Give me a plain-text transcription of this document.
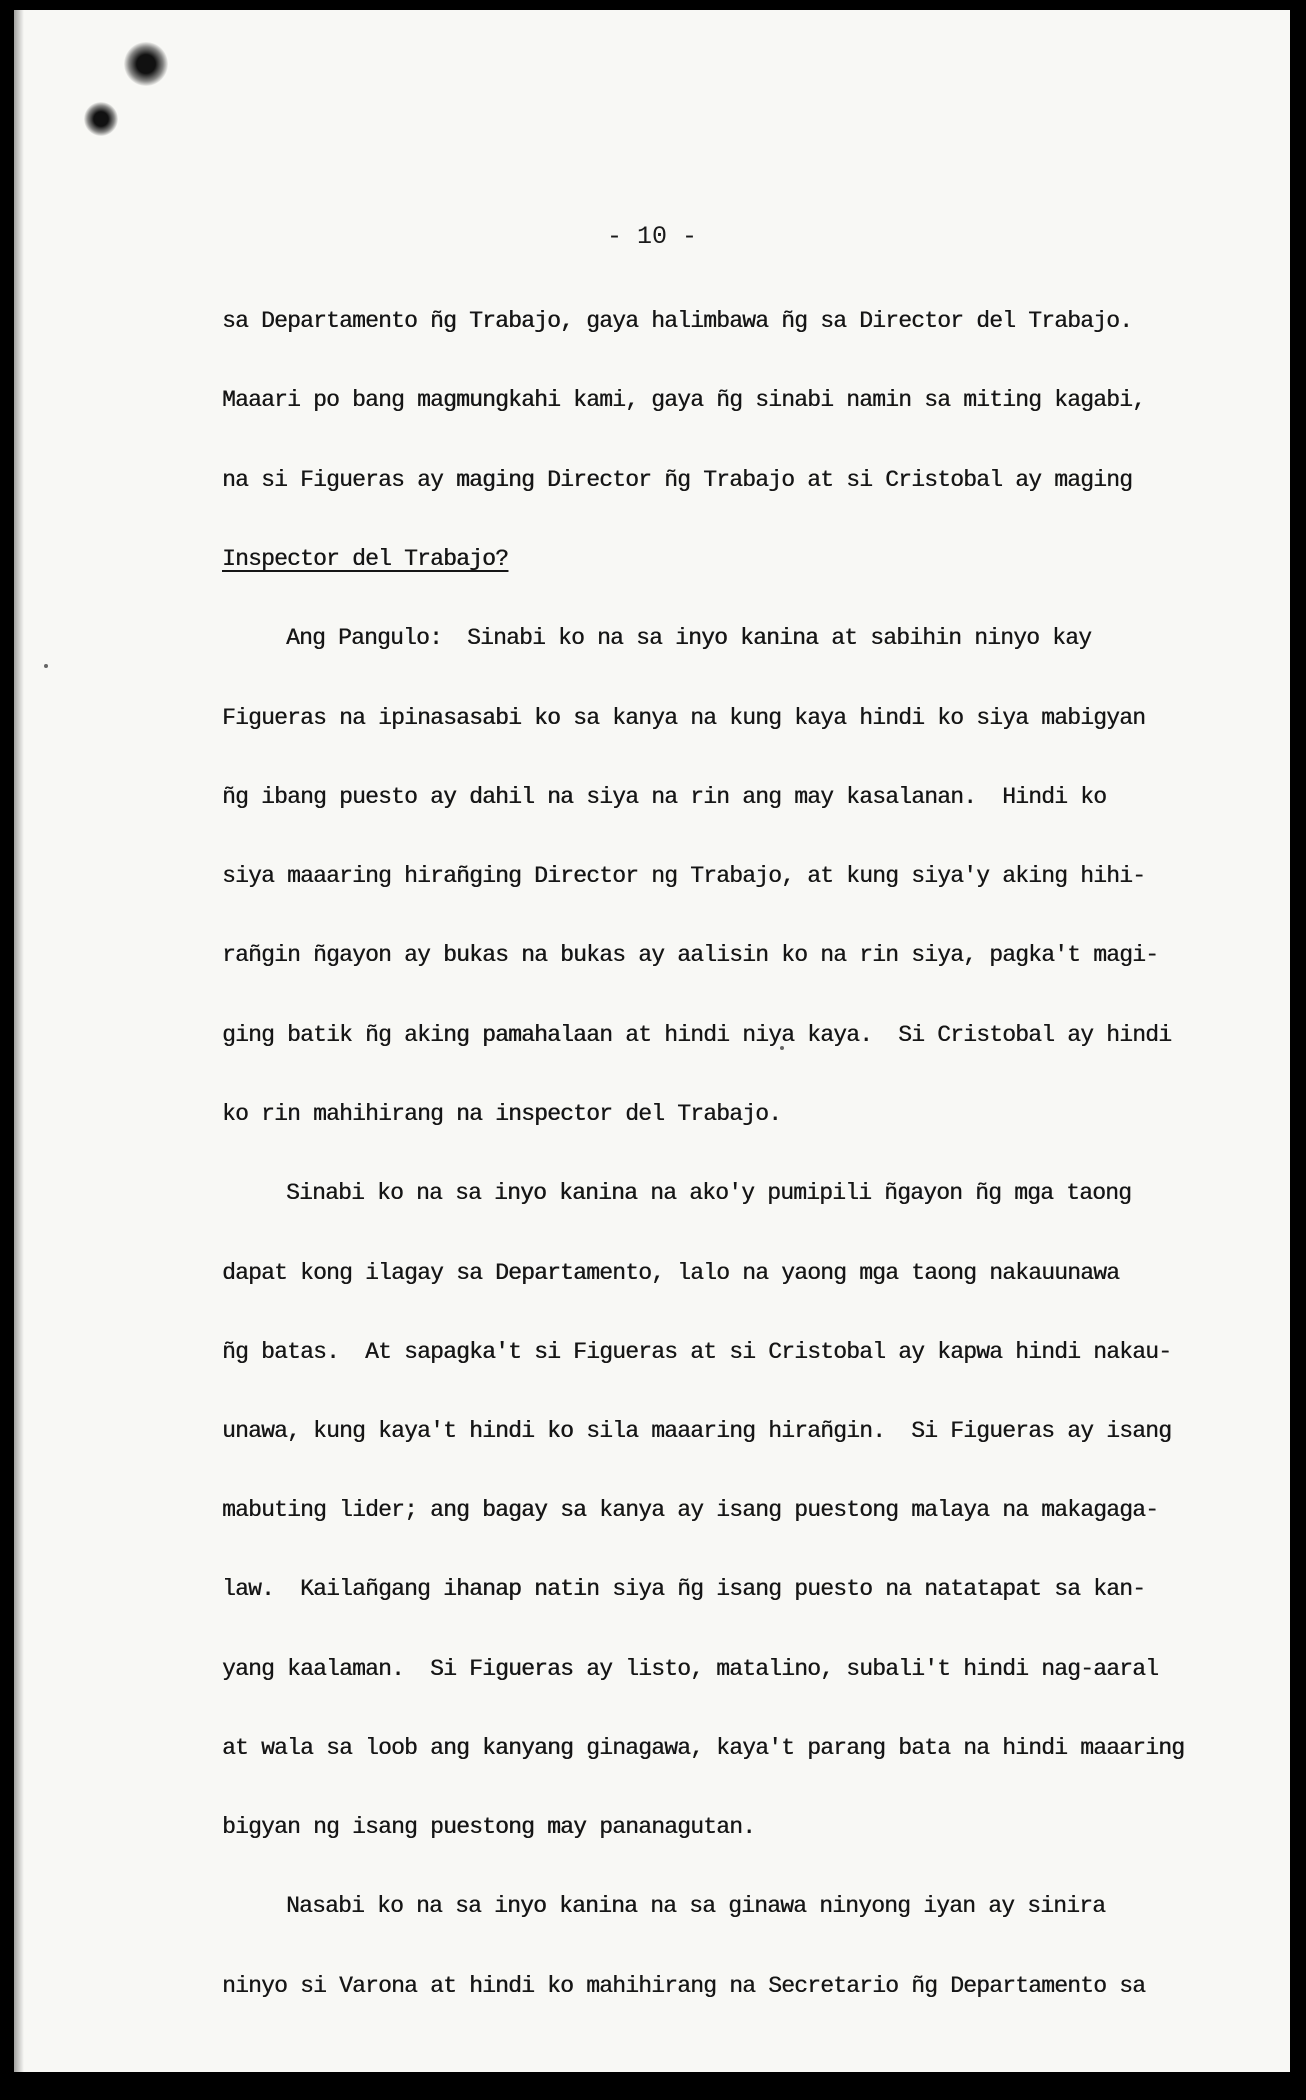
- 10 -
sa Departamento ñg Trabajo, gaya halimbawa ñg sa Director del Trabajo.
Maaari po bang magmungkahi kami, gaya ñg sinabi namin sa miting kagabi,
na si Figueras ay maging Director ñg Trabajo at si Cristobal ay maging
Inspector del Trabajo?
Ang Pangulo: Sinabi ko na sa inyo kanina at sabihin ninyo kay
Figueras na ipinasasabi ko sa kanya na kung kaya hindi ko siya mabigyan
ñg ibang puesto ay dahil na siya na rin ang may kasalanan.  Hindi ko
siya maaaring hirañging Director ng Trabajo, at kung siya'y aking hihi-
rañgin ñgayon ay bukas na bukas ay aalisin ko na rin siya, pagka't magi-
ging batik ñg aking pamahalaan at hindi niya kaya.  Si Cristobal ay hindi
ko rin mahihirang na inspector del Trabajo.
Sinabi ko na sa inyo kanina na ako'y pumipili ñgayon ñg mga taong
dapat kong ilagay sa Departamento, lalo na yaong mga taong nakauunawa
ñg batas.  At sapagka't si Figueras at si Cristobal ay kapwa hindi nakau-
unawa, kung kaya't hindi ko sila maaaring hirañgin.  Si Figueras ay isang
mabuting lider; ang bagay sa kanya ay isang puestong malaya na makagaga-
law.  Kailañgang ihanap natin siya ñg isang puesto na natatapat sa kan-
yang kaalaman.  Si Figueras ay listo, matalino, subali't hindi nag-aaral
at wala sa loob ang kanyang ginagawa, kaya't parang bata na hindi maaaring
bigyan ng isang puestong may pananagutan.
Nasabi ko na sa inyo kanina na sa ginawa ninyong iyan ay sinira
ninyo si Varona at hindi ko mahihirang na Secretario ñg Departamento sa
